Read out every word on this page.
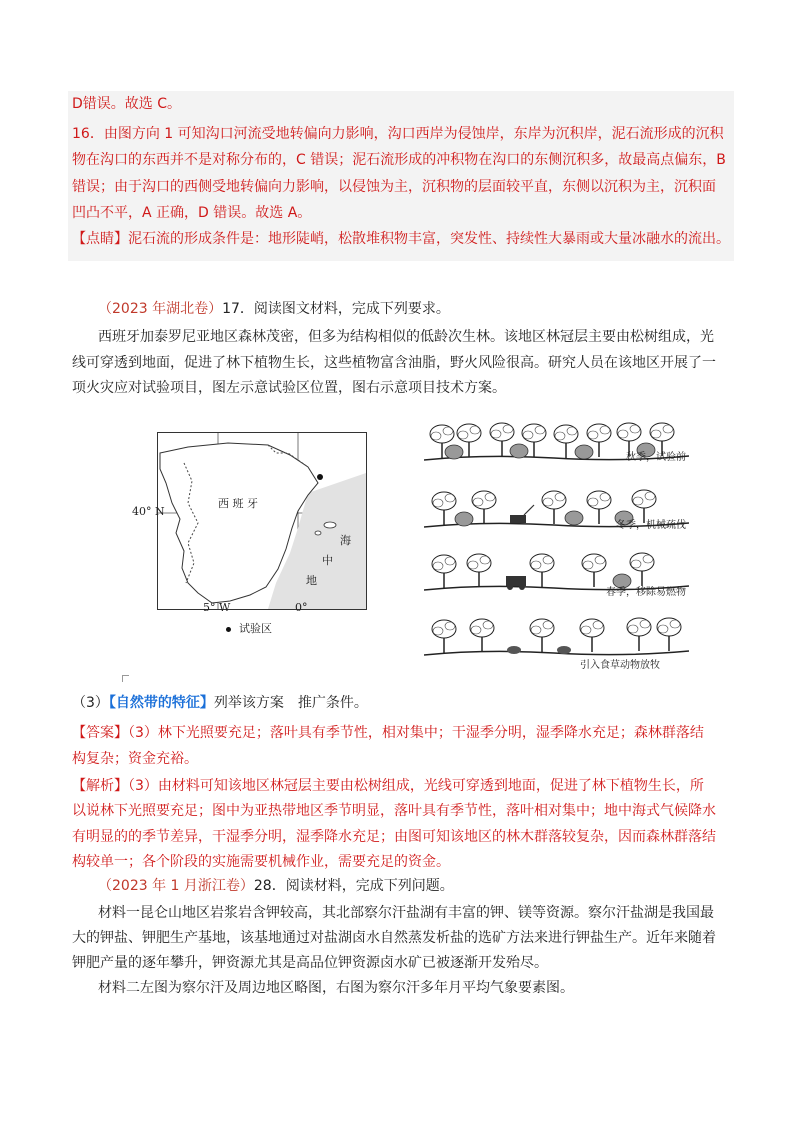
D错误。故选 C。
16．由图方向 1 可知沟口河流受地转偏向力影响，沟口西岸为侵蚀岸，东岸为沉积岸，泥石流形成的沉积
物在沟口的东西并不是对称分布的，C 错误；泥石流形成的冲积物在沟口的东侧沉积多，故最高点偏东，B
错误；由于沟口的西侧受地转偏向力影响，以侵蚀为主，沉积物的层面较平直，东侧以沉积为主，沉积面
凹凸不平，A 正确，D 错误。故选 A。
【点睛】泥石流的形成条件是：地形陡峭，松散堆积物丰富，突发性、持续性大暴雨或大量冰融水的流出。
（2023 年湖北卷）17．阅读图文材料，完成下列要求。
西班牙加泰罗尼亚地区森林茂密，但多为结构相似的低龄次生林。该地区林冠层主要由松树组成，光
线可穿透到地面，促进了林下植物生长，这些植物富含油脂，野火风险很高。研究人员在该地区开展了一
项火灾应对试验项目，图左示意试验区位置，图右示意项目技术方案。
西 班 牙
40° N
5° W	0°
海
中
地
试验区
秋季，试验前
冬季，机械疏伐
春季，移除易燃物
引入食草动物放牧
（3）【自然带的特征】列举该方案　推广条件。
【答案】（3）林下光照要充足；落叶具有季节性，相对集中；干湿季分明，湿季降水充足；森林群落结
构复杂；资金充裕。
【解析】（3）由材料可知该地区林冠层主要由松树组成，光线可穿透到地面，促进了林下植物生长，所
以说林下光照要充足；图中为亚热带地区季节明显，落叶具有季节性，落叶相对集中；地中海式气候降水
有明显的的季节差异，干湿季分明，湿季降水充足；由图可知该地区的林木群落较复杂，因而森林群落结
构较单一；各个阶段的实施需要机械作业，需要充足的资金。
（2023 年 1 月浙江卷）28．阅读材料，完成下列问题。
材料一昆仑山地区岩浆岩含钾较高，其北部察尔汗盐湖有丰富的钾、镁等资源。察尔汗盐湖是我国最
大的钾盐、钾肥生产基地，该基地通过对盐湖卤水自然蒸发析盐的选矿方法来进行钾盐生产。近年来随着
钾肥产量的逐年攀升，钾资源尤其是高品位钾资源卤水矿已被逐渐开发殆尽。
材料二左图为察尔汗及周边地区略图，右图为察尔汗多年月平均气象要素图。
